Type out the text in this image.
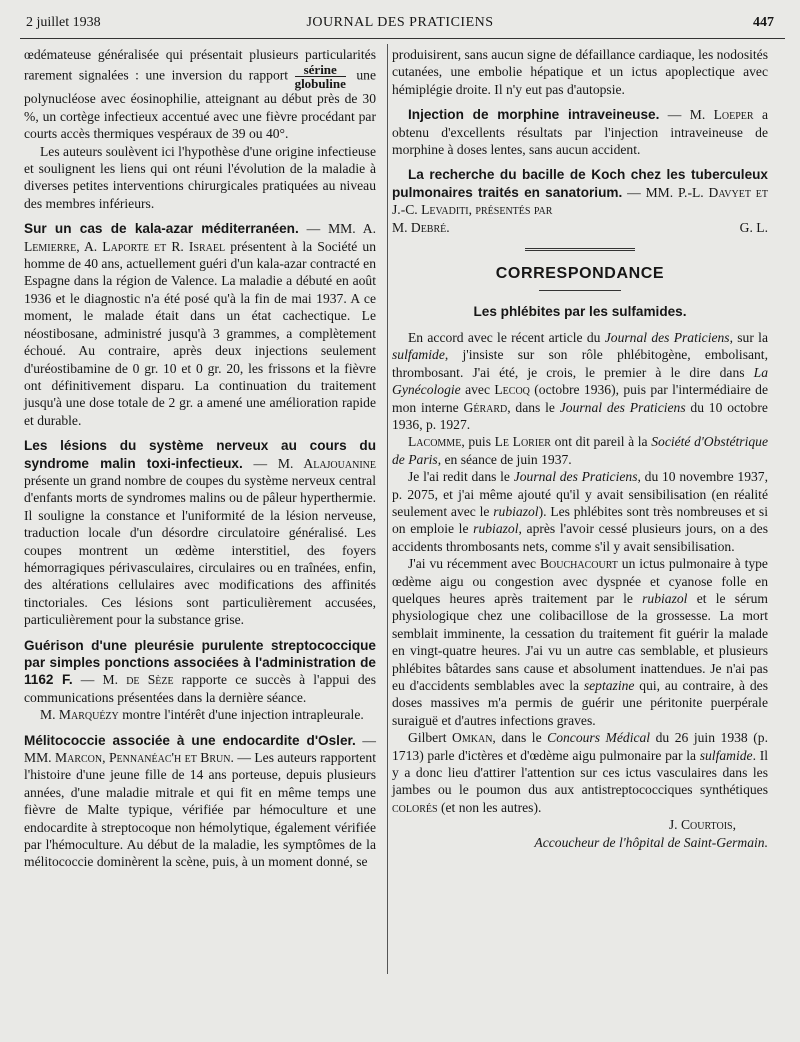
2 juillet 1938	JOURNAL DES PRATICIENS	447

œdémateuse généralisée qui présentait plusieurs particularités rarement signalées : une inversion du rapport $\frac{\text{sérine}}{\text{globuline}}$ une polynucléose avec éosinophilie, atteignant au début près de 30 %, un cortège infectieux accentué avec une fièvre procédant par courts accès thermiques vespéraux de 39 ou 40°.

Les auteurs soulèvent ici l'hypothèse d'une origine infectieuse et soulignent les liens qui ont réuni l'évolution de la maladie à diverses petites interventions chirurgicales pratiquées au niveau des membres inférieurs.

Sur un cas de kala-azar méditerranéen. — MM. A. Lemierre, A. Laporte et R. Israel présentent à la Société un homme de 40 ans, actuellement guéri d'un kala-azar contracté en Espagne dans la région de Valence. La maladie a débuté en août 1936 et le diagnostic n'a été posé qu'à la fin de mai 1937. A ce moment, le malade était dans un état cachectique. Le néostibosane, administré jusqu'à 3 grammes, a complètement échoué. Au contraire, après deux injections seulement d'uréostibamine de 0 gr. 10 et 0 gr. 20, les frissons et la fièvre ont définitivement disparu. La continuation du traitement jusqu'à une dose totale de 2 gr. a amené une amélioration rapide et durable.

Les lésions du système nerveux au cours du syndrome malin toxi-infectieux. — M. Alajouanine présente un grand nombre de coupes du système nerveux central d'enfants morts de syndromes malins ou de pâleur hyperthermie. Il souligne la constance et l'uniformité de la lésion nerveuse, traduction locale d'un désordre circulatoire généralisé. Les coupes montrent un œdème interstitiel, des foyers hémorragiques périvasculaires, circulaires ou en traînées, enfin, des altérations cellulaires avec modifications des affinités tinctoriales. Ces lésions sont particulièrement accusées, particulièrement pour la substance grise.

Guérison d'une pleurésie purulente streptococcique par simples ponctions associées à l'administration de 1162 F. — M. de Sèze rapporte ce succès à l'appui des communications présentées dans la dernière séance.

M. Marquézy montre l'intérêt d'une injection intrapleurale.

Mélitococcie associée à une endocardite d'Osler. — MM. Marcon, Pennanéac'h et Brun. — Les auteurs rapportent l'histoire d'une jeune fille de 14 ans porteuse, depuis plusieurs années, d'une maladie mitrale et qui fit en même temps une fièvre de Malte typique, vérifiée par hémoculture et une endocardite à streptocoque non hémolytique, également vérifiée par l'hémoculture. Au début de la maladie, les symptômes de la mélitococcie dominèrent la scène, puis, à un moment donné, se

produisirent, sans aucun signe de défaillance cardiaque, les nodosités cutanées, une embolie hépatique et un ictus apoplectique avec hémiplégie droite. Il n'y eut pas d'autopsie.

Injection de morphine intraveineuse. — M. Loeper a obtenu d'excellents résultats par l'injection intraveineuse de morphine à doses lentes, sans aucun accident.

La recherche du bacille de Koch chez les tuberculeux pulmonaires traités en sanatorium. — MM. P.-L. Davyet et J.-C. Levaditi, présentés par

M. Debré.	G. L.
CORRESPONDANCE
Les phlébites par les sulfamides.

En accord avec le récent article du Journal des Praticiens, sur la sulfamide, j'insiste sur son rôle phlébitogène, embolisant, thrombosant. J'ai été, je crois, le premier à le dire dans La Gynécologie avec Lecoq (octobre 1936), puis par l'intermédiaire de mon interne Gérard, dans le Journal des Praticiens du 10 octobre 1936, p. 1927.

Lacomme, puis Le Lorier ont dit pareil à la Société d'Obstétrique de Paris, en séance de juin 1937.

Je l'ai redit dans le Journal des Praticiens, du 10 novembre 1937, p. 2075, et j'ai même ajouté qu'il y avait sensibilisation (en réalité seulement avec le rubiazol). Les phlébites sont très nombreuses et si on emploie le rubiazol, après l'avoir cessé plusieurs jours, on a des accidents thrombosants nets, comme s'il y avait sensibilisation.

J'ai vu récemment avec Bouchacourt un ictus pulmonaire à type œdème aigu ou congestion avec dyspnée et cyanose folle en quelques heures après traitement par le rubiazol et le sérum physiologique chez une colibacillose de la grossesse. La mort semblait imminente, la cessation du traitement fit guérir la malade en vingt-quatre heures. J'ai vu un autre cas semblable, et plusieurs phlébites bâtardes sans cause et absolument inattendues. Je n'ai pas eu d'accidents semblables avec la septazine qui, au contraire, à des doses massives m'a permis de guérir une péritonite puerpérale suraiguë et d'autres infections graves.

Gilbert Omkan, dans le Concours Médical du 26 juin 1938 (p. 1713) parle d'ictères et d'œdème aigu pulmonaire par la sulfamide. Il y a donc lieu d'attirer l'attention sur ces ictus vasculaires dans les jambes ou le poumon dus aux antistreptococciques synthétiques colorés (et non les autres).

J. Courtois,
Accoucheur de l'hôpital de Saint-Germain.
